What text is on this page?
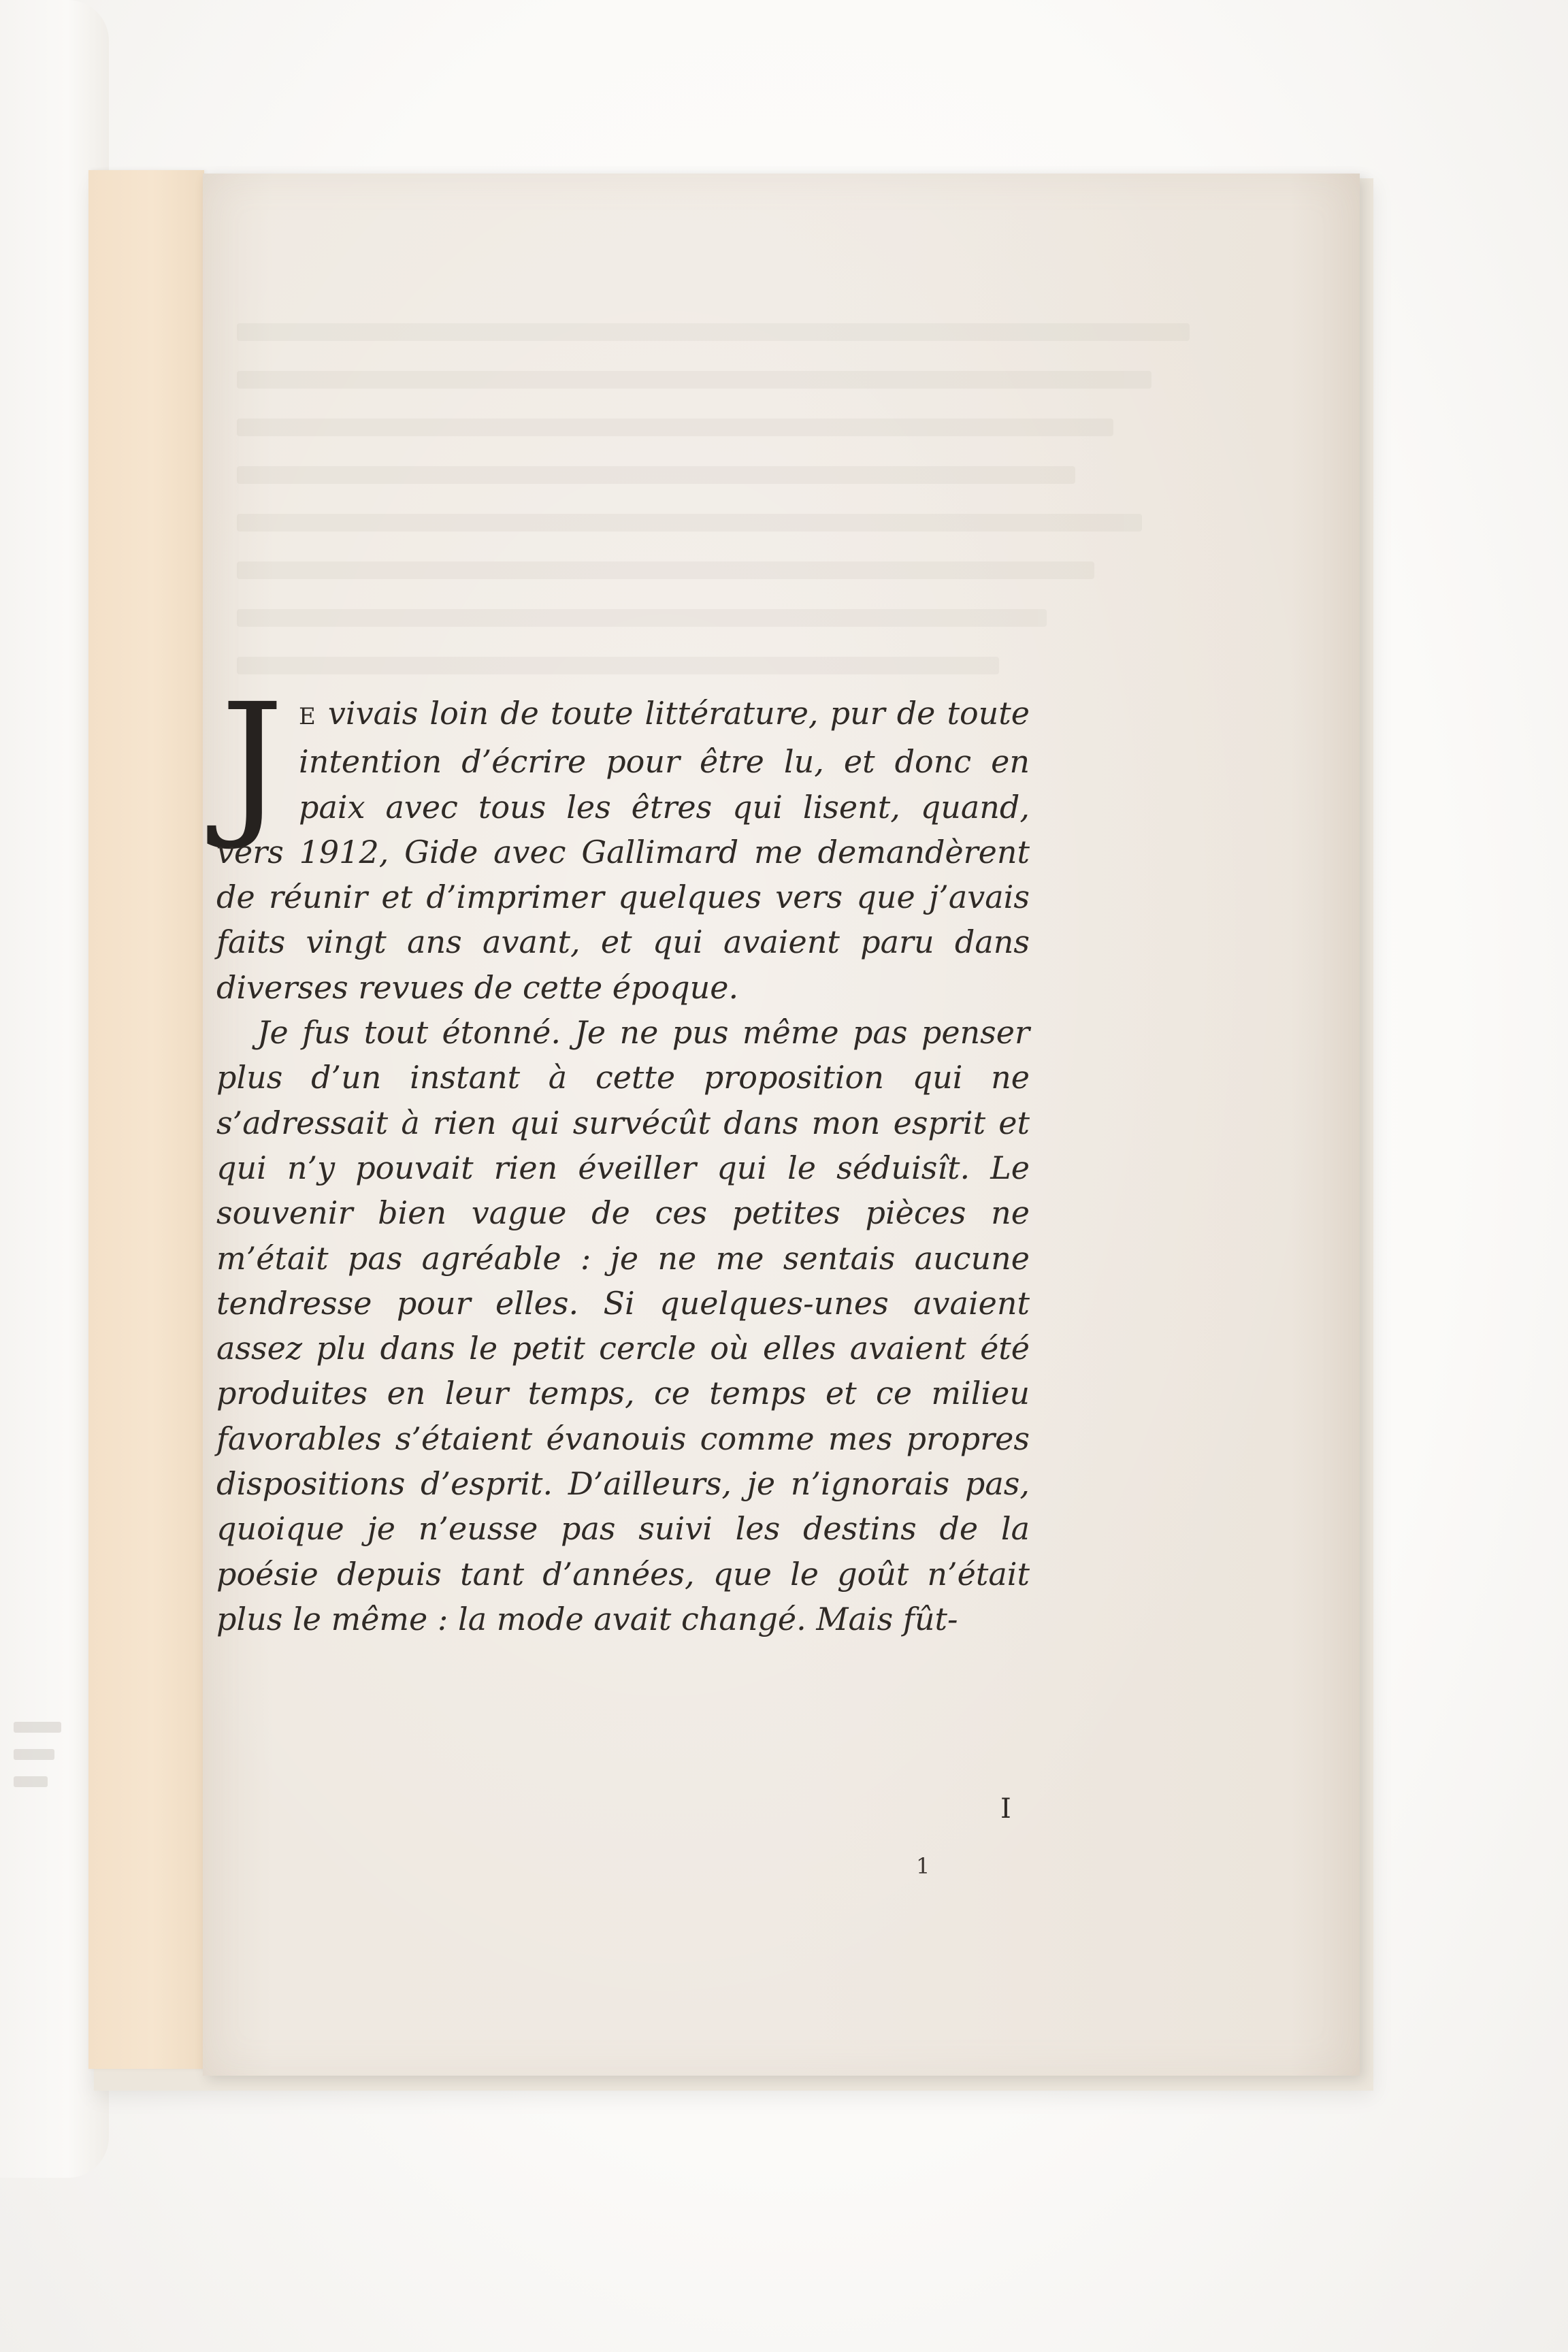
J E vivais loin de toute littérature, pur de toute intention d’écrire pour être lu, et donc en paix avec tous les êtres qui lisent, quand, vers 1912, Gide avec Gallimard me demandèrent de réunir et d’imprimer quelques vers que j’avais faits vingt ans avant, et qui avaient paru dans diverses revues de cette époque.

Je fus tout étonné. Je ne pus même pas penser plus d’un instant à cette proposition qui ne s’adressait à rien qui survécût dans mon esprit et qui n’y pouvait rien éveiller qui le séduisît. Le souvenir bien vague de ces petites pièces ne m’était pas agréable : je ne me sentais aucune tendresse pour elles. Si quelques-unes avaient assez plu dans le petit cercle où elles avaient été produites en leur temps, ce temps et ce milieu favorables s’étaient évanouis comme mes propres dispositions d’esprit. D’ailleurs, je n’ignorais pas, quoique je n’eusse pas suivi les destins de la poésie depuis tant d’années, que le goût n’était plus le même : la mode avait changé. Mais fût-

I
1
